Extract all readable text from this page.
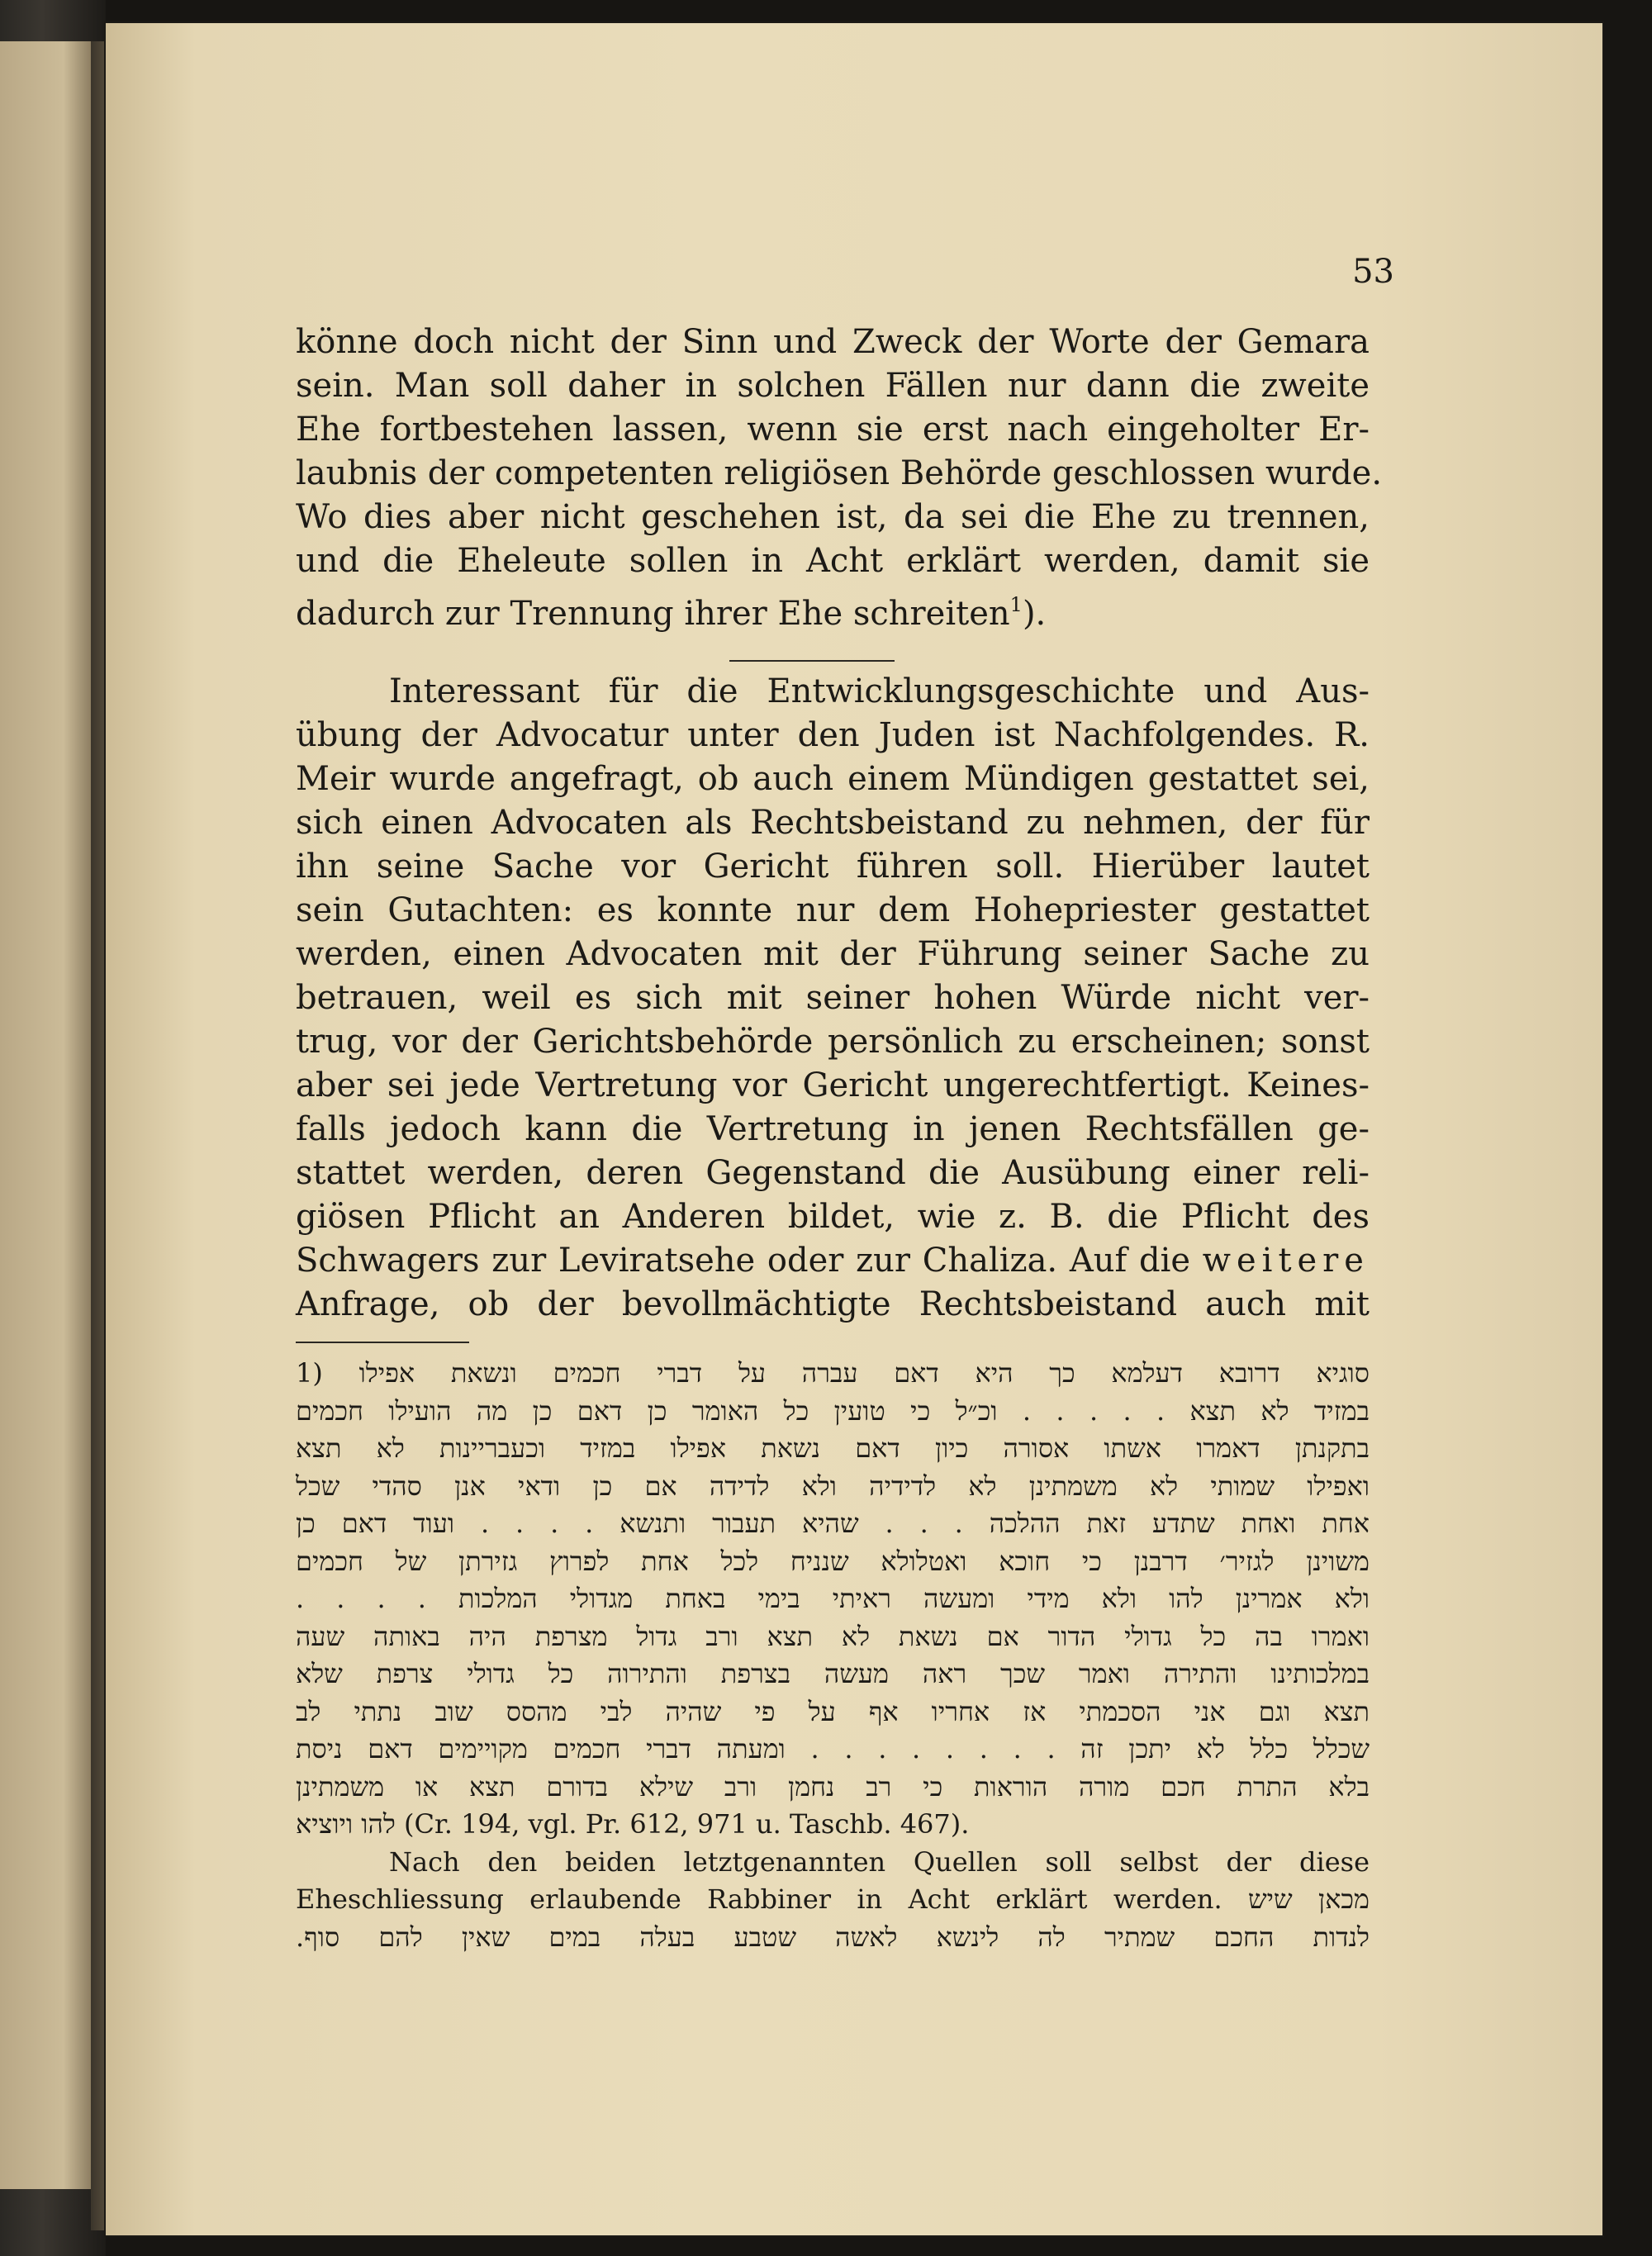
53
könne doch nicht der Sinn und Zweck der Worte der Gemara
sein. Man soll daher in solchen Fällen nur dann die zweite
Ehe fortbestehen lassen, wenn sie erst nach eingeholter Er-
laubnis der competenten religiösen Behörde geschlossen wurde.
Wo dies aber nicht geschehen ist, da sei die Ehe zu trennen,
und die Eheleute sollen in Acht erklärt werden, damit sie
dadurch zur Trennung ihrer Ehe schreiten$^1$).
Interessant für die Entwicklungsgeschichte und Aus-
übung der Advocatur unter den Juden ist Nachfolgendes. R.
Meir wurde angefragt, ob auch einem Mündigen gestattet sei,
sich einen Advocaten als Rechtsbeistand zu nehmen, der für
ihn seine Sache vor Gericht führen soll. Hierüber lautet
sein Gutachten: es konnte nur dem Hohepriester gestattet
werden, einen Advocaten mit der Führung seiner Sache zu
betrauen, weil es sich mit seiner hohen Würde nicht ver-
trug, vor der Gerichtsbehörde persönlich zu erscheinen; sonst
aber sei jede Vertretung vor Gericht ungerechtfertigt. Keines-
falls jedoch kann die Vertretung in jenen Rechtsfällen ge-
stattet werden, deren Gegenstand die Ausübung einer reli-
giösen Pflicht an Anderen bildet, wie z. B. die Pflicht des
Schwagers zur Leviratsehe oder zur Chaliza. Auf die weitere
Anfrage, ob der bevollmächtigte Rechtsbeistand auch mit
סוגיא דרובא דעלמא כך היא דאם עברה על דברי חכמים ונשאת אפילו 1)
במזיד לא תצא . . . . . וכ״ל כי טועין כל האומר כן דאם כן מה הועילו חכמים
בתקנתן דאמרו אשתו אסורה כיון דאם נשאת אפילו במזיד וכעבריינות לא תצא
ואפילו שמותי לא משמתינן לא לדידיה ולא לדידה אם כן ודאי אנן סהדי שכל
אחת ואחת שתדע זאת ההלכה . . . שהיא תעבור ותנשא . . . . ועוד דאם כן
משוינן לגזיר׳ דרבנן כי חוכא ואטלולא שנניח לכל אחת לפרוץ גזירתן של חכמים
ולא אמרינן להו ולא מידי ומעשה ראיתי בימי באחת מגדולי המלכות . . . .
ואמרו בה כל גדולי הדור אם נשאת לא תצא ורב גדול מצרפת היה באותה שעה
במלכותינו והתירה ואמר שכך ראה מעשה בצרפת והתירוה כל גדולי צרפת שלא
תצא וגם אני הסכמתי אז אחריו אף על פי שהיה לבי מהסס שוב נתתי לב
שכלל כלל לא יתכן זה . . . . . . . . ומעתה דברי חכמים מקויימים דאם ניסת
בלא התרת חכם מורה הוראות כי רב נחמן ורב שילא בדורם תצא או משמתינן
להו ויוציא (Cr. 194, vgl. Pr. 612, 971 u. Taschb. 467).
Nach den beiden letztgenannten Quellen soll selbst der diese
Eheschliessung erlaubende Rabbiner in Acht erklärt werden. מכאן שיש
לנדות החכם שמתיר לה לינשא לאשה שטבע בעלה במים שאין להם סוף.
